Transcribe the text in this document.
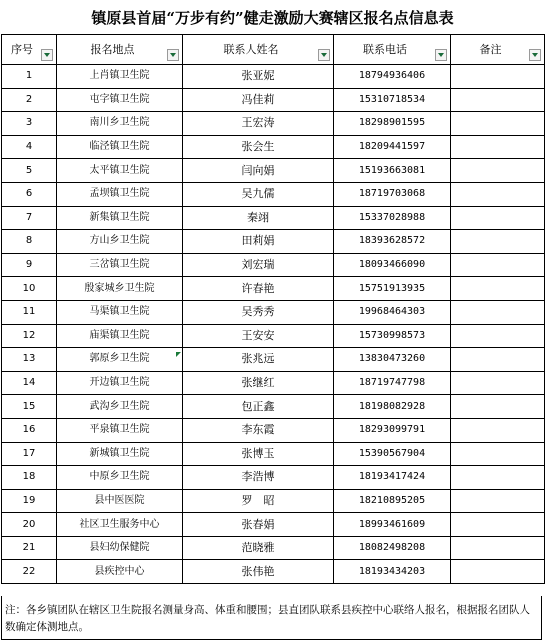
镇原县首届“万步有约”健走激励大赛辖区报名点信息表
序号	报名地点	联系人姓名	联系电话	备注

1	上肖镇卫生院	张亚妮	18794936406	
2	屯字镇卫生院	冯佳莉	15310718534	
3	南川乡卫生院	王宏涛	18298901595	
4	临泾镇卫生院	张会生	18209441597	
5	太平镇卫生院	闫向娟	15193663081	
6	孟坝镇卫生院	吴九儒	18719703068	
7	新集镇卫生院	秦翊	15337028988	
8	方山乡卫生院	田莉娟	18393628572	
9	三岔镇卫生院	刘宏瑞	18093466090	
10	殷家城乡卫生院	许春艳	15751913935	
11	马渠镇卫生院	吴秀秀	19968464303	
12	庙渠镇卫生院	王安安	15730998573	
13	郭原乡卫生院	张兆远	13830473260	
14	开边镇卫生院	张继红	18719747798	
15	武沟乡卫生院	包正鑫	18198082928	
16	平泉镇卫生院	李东霞	18293099791	
17	新城镇卫生院	张博玉	15390567904	
18	中原乡卫生院	李浩博	18193417424	
19	县中医医院	罗　昭	18210895205	
20	社区卫生服务中心	张春娟	18993461609	
21	县妇幼保健院	范晓雅	18082498208	
22	县疾控中心	张伟艳	18193434203	
注：各乡镇团队在辖区卫生院报名测量身高、体重和腰围；县直团队联系县疾控中心联络人报名，根据报名团队人数确定体测地点。
